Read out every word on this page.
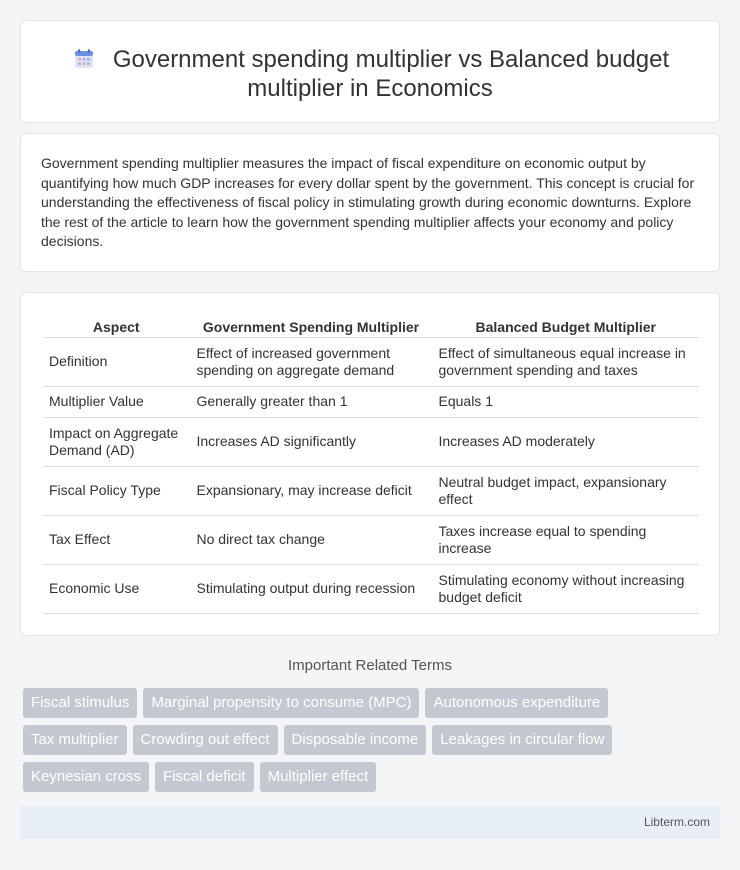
Government spending multiplier vs Balanced budget
multiplier in Economics

Government spending multiplier measures the impact of fiscal expenditure on economic output by quantifying how much GDP increases for every dollar spent by the government. This concept is crucial for understanding the effectiveness of fiscal policy in stimulating growth during economic downturns. Explore the rest of the article to learn how the government spending multiplier affects your economy and policy decisions.

Aspect	Government Spending Multiplier	Balanced Budget Multiplier
Definition	Effect of increased government spending on aggregate demand	Effect of simultaneous equal increase in government spending and taxes
Multiplier Value	Generally greater than 1	Equals 1
Impact on Aggregate Demand (AD)	Increases AD significantly	Increases AD moderately
Fiscal Policy Type	Expansionary, may increase deficit	Neutral budget impact, expansionary effect
Tax Effect	No direct tax change	Taxes increase equal to spending increase
Economic Use	Stimulating output during recession	Stimulating economy without increasing budget deficit
Important Related Terms
Fiscal stimulus	Marginal propensity to consume (MPC)	Autonomous expenditure
Tax multiplier	Crowding out effect	Disposable income	Leakages in circular flow
Keynesian cross	Fiscal deficit	Multiplier effect
Libterm.com
